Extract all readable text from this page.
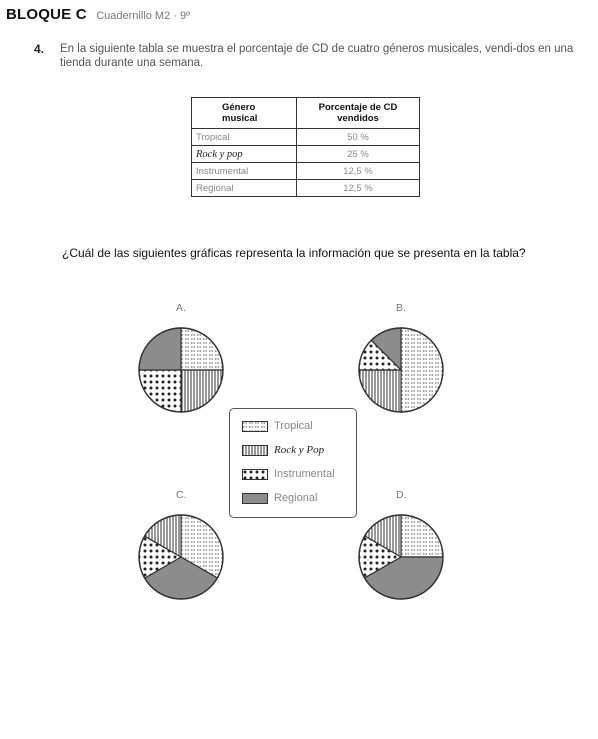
BLOQUE C Cuadernillo M2 · 9º
4. En la siguiente tabla se muestra el porcentaje de CD de cuatro géneros musicales, vendi-dos en una tienda durante una semana.
Género musical	Porcentaje de CD vendidos
Tropical	50 %
Rock y pop	25 %
Instrumental	12,5 %
Regional	12,5 %
¿Cuál de las siguientes gráficas representa la información que se presenta en la tabla?
A.	B.
C.	D.
Tropical
Rock y Pop
Instrumental
Regional
